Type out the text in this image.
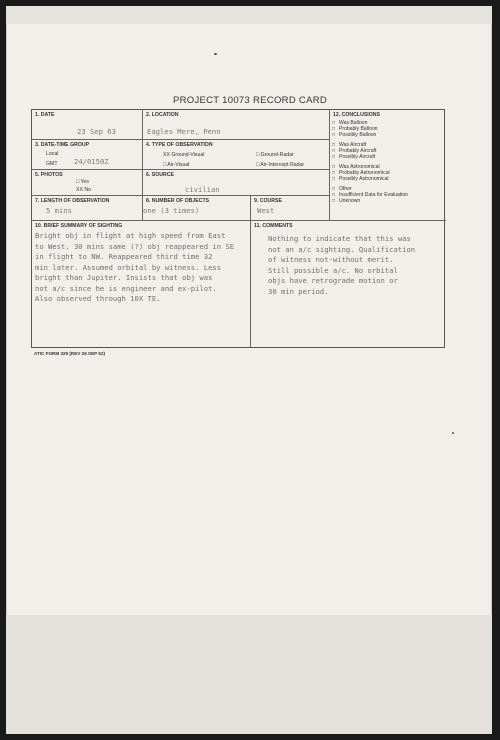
PROJECT 10073 RECORD CARD
1. DATE
23 Sep 63
2. LOCATION
Eagles Mere, Penn
3. DATE-TIME GROUP
Local
GMT 24/0150Z
4. TYPE OF OBSERVATION
XX Ground-Visual	□ Ground-Radar
□ Air-Visual	□ Air-Intercept Radar
5. PHOTOS
□ Yes
XX No
6. SOURCE
civilian
7. LENGTH OF OBSERVATION
5 mins
8. NUMBER OF OBJECTS
one (3 times)
9. COURSE
West
12. CONCLUSIONS
□ Was Balloon
□ Probably Balloon
□ Possibly Balloon
□ Was Aircraft
□ Probably Aircraft
□ Possibly Aircraft
□ Was Astronomical
□ Probably Astronomical
□ Possibly Astronomical
□ Other
□ Insufficient Data for Evaluation
□ Unknown
10. BRIEF SUMMARY OF SIGHTING
Bright obj in flight at high speed from East
to West. 30 mins same (?) obj reappeared in SE
in flight to NW. Reappeared third time 32
min later. Assumed orbital by witness. Less
bright than Jupiter. Insists that obj was
not a/c since he is engineer and ex-pilot.
Also observed through 10X TE.
11. COMMENTS
Nothing to indicate that this was
not an a/c sighting. Qualification
of witness not-without merit.
Still possible a/c. No orbital
objs have retrograde motion or
30 min period.
ATIC FORM 329 (REV 26 SEP 52)
